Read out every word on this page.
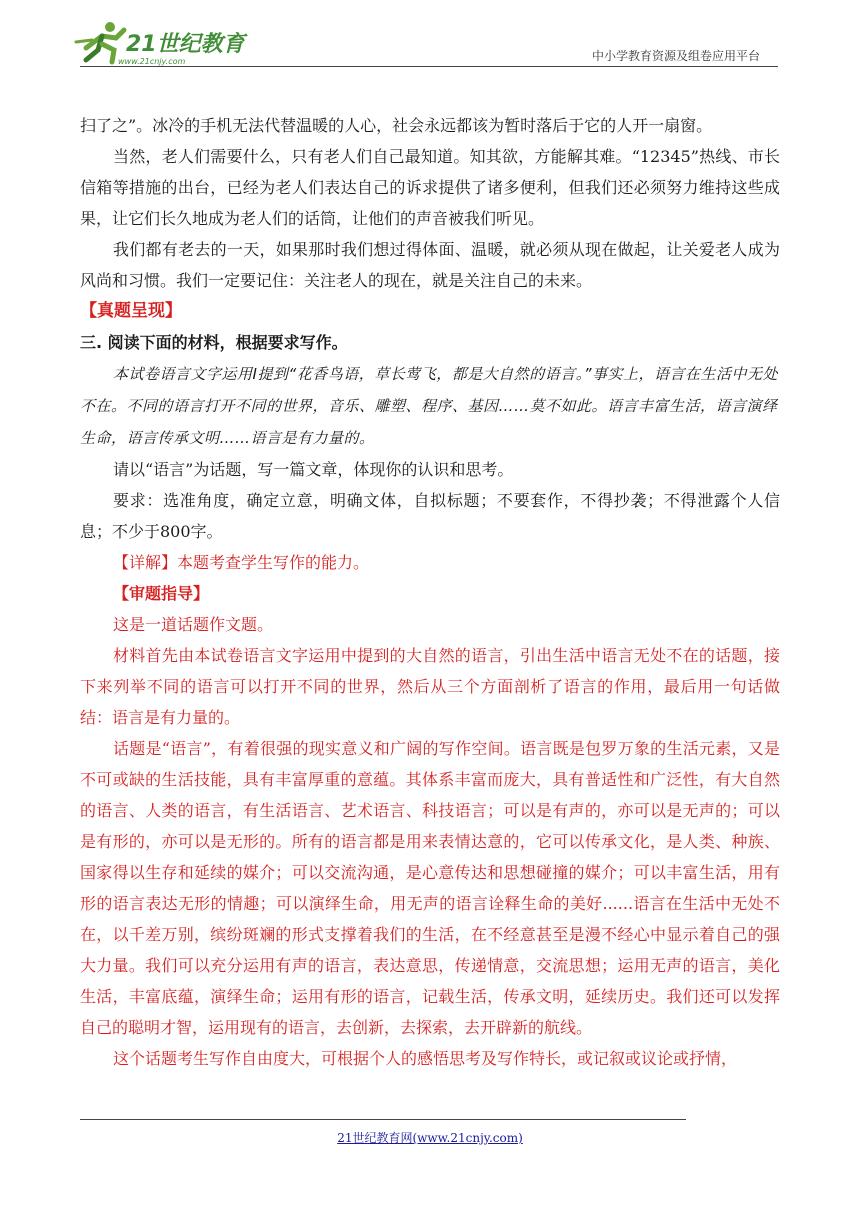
21世纪教育
www.21cnjy.com	中小学教育资源及组卷应用平台

扫了之”。冰冷的手机无法代替温暖的人心，社会永远都该为暂时落后于它的人开一扇窗。

当然，老人们需要什么，只有老人们自己最知道。知其欲，方能解其难。“12345”热线、市长信箱等措施的出台，已经为老人们表达自己的诉求提供了诸多便利，但我们还必须努力维持这些成果，让它们长久地成为老人们的话筒，让他们的声音被我们听见。

我们都有老去的一天，如果那时我们想过得体面、温暖，就必须从现在做起，让关爱老人成为风尚和习惯。我们一定要记住：关注老人的现在，就是关注自己的未来。

【真题呈现】

三. 阅读下面的材料，根据要求写作。

本试卷语言文字运用Ⅰ提到“花香鸟语，草长莺飞，都是大自然的语言。”事实上，语言在生活中无处不在。不同的语言打开不同的世界，音乐、雕塑、程序、基因……莫不如此。语言丰富生活，语言演绎生命，语言传承文明……语言是有力量的。

请以“语言”为话题，写一篇文章，体现你的认识和思考。

要求：选准角度，确定立意，明确文体，自拟标题；不要套作，不得抄袭；不得泄露个人信息；不少于800字。

【详解】本题考查学生写作的能力。

【审题指导】

这是一道话题作文题。

材料首先由本试卷语言文字运用中提到的大自然的语言，引出生活中语言无处不在的话题，接下来列举不同的语言可以打开不同的世界，然后从三个方面剖析了语言的作用，最后用一句话做结：语言是有力量的。

话题是“语言”，有着很强的现实意义和广阔的写作空间。语言既是包罗万象的生活元素，又是不可或缺的生活技能，具有丰富厚重的意蕴。其体系丰富而庞大，具有普适性和广泛性，有大自然的语言、人类的语言，有生活语言、艺术语言、科技语言；可以是有声的，亦可以是无声的；可以是有形的，亦可以是无形的。所有的语言都是用来表情达意的，它可以传承文化，是人类、种族、国家得以生存和延续的媒介；可以交流沟通，是心意传达和思想碰撞的媒介；可以丰富生活，用有形的语言表达无形的情趣；可以演绎生命，用无声的语言诠释生命的美好......语言在生活中无处不在，以千差万别，缤纷斑斓的形式支撑着我们的生活，在不经意甚至是漫不经心中显示着自己的强大力量。我们可以充分运用有声的语言，表达意思，传递情意，交流思想；运用无声的语言，美化生活，丰富底蕴，演绎生命；运用有形的语言，记载生活，传承文明，延续历史。我们还可以发挥自己的聪明才智，运用现有的语言，去创新，去探索，去开辟新的航线。

这个话题考生写作自由度大，可根据个人的感悟思考及写作特长，或记叙或议论或抒情，

21世纪教育网(www.21cnjy.com)
